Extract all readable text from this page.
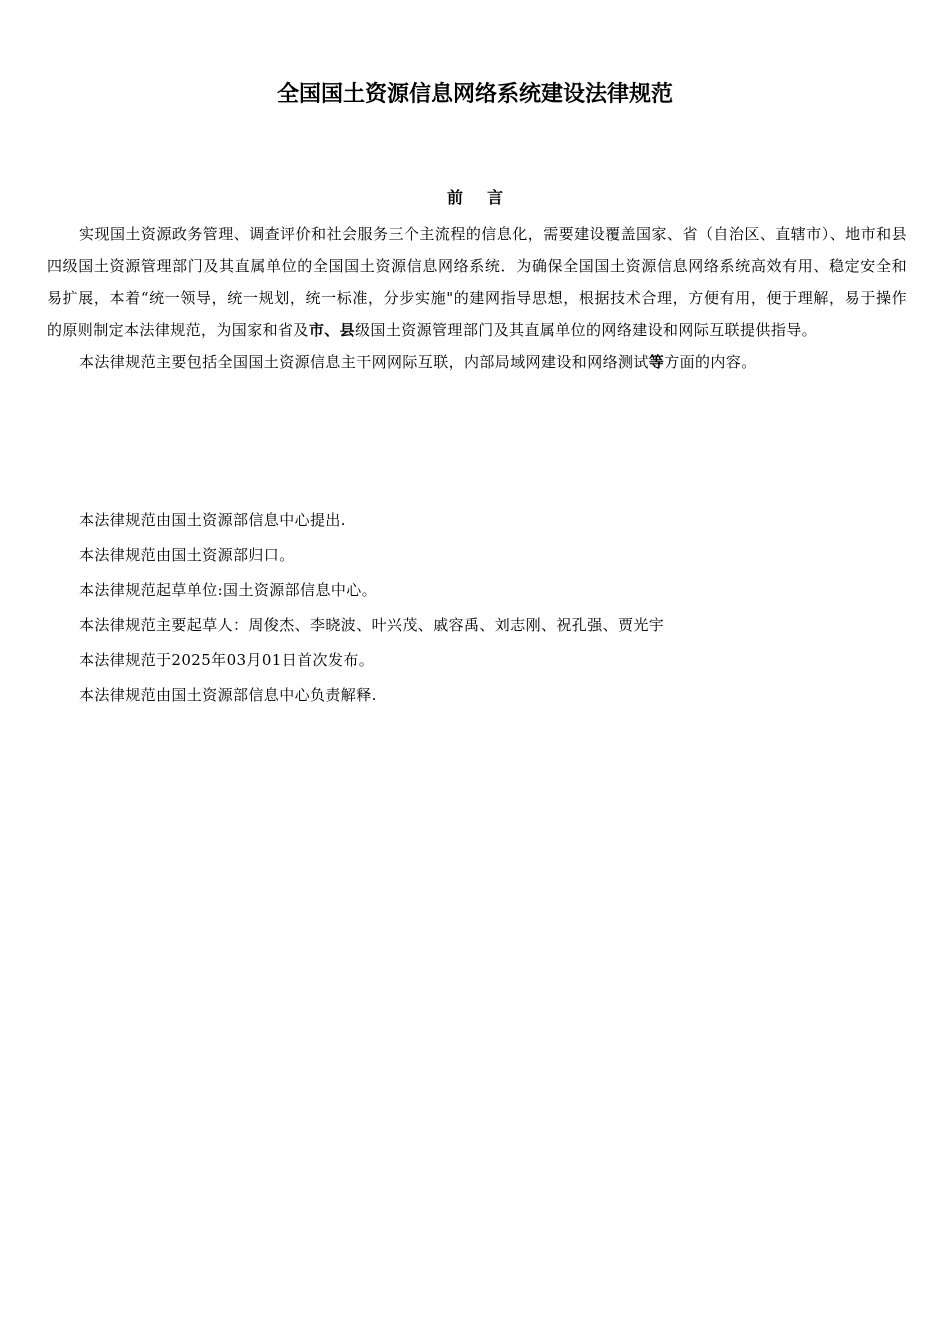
全国国土资源信息网络系统建设法律规范
前言

实现国土资源政务管理、调查评价和社会服务三个主流程的信息化，需要建设覆盖国家、省（自治区、直辖市）、地市和县四级国土资源管理部门及其直属单位的全国国土资源信息网络系统．为确保全国国土资源信息网络系统高效有用、稳定安全和易扩展，本着“统一领导，统一规划，统一标准，分步实施"的建网指导思想，根据技术合理，方便有用，便于理解，易于操作的原则制定本法律规范，为国家和省及市、县级国土资源管理部门及其直属单位的网络建设和网际互联提供指导。

本法律规范主要包括全国国土资源信息主干网网际互联，内部局域网建设和网络测试等方面的内容。

本法律规范由国土资源部信息中心提出.

本法律规范由国土资源部归口。

本法律规范起草单位:国土资源部信息中心。

本法律规范主要起草人：周俊杰、李晓波、叶兴茂、戚容禹、刘志刚、祝孔强、贾光宇

本法律规范于2025年03月01日首次发布。

本法律规范由国土资源部信息中心负责解释.
